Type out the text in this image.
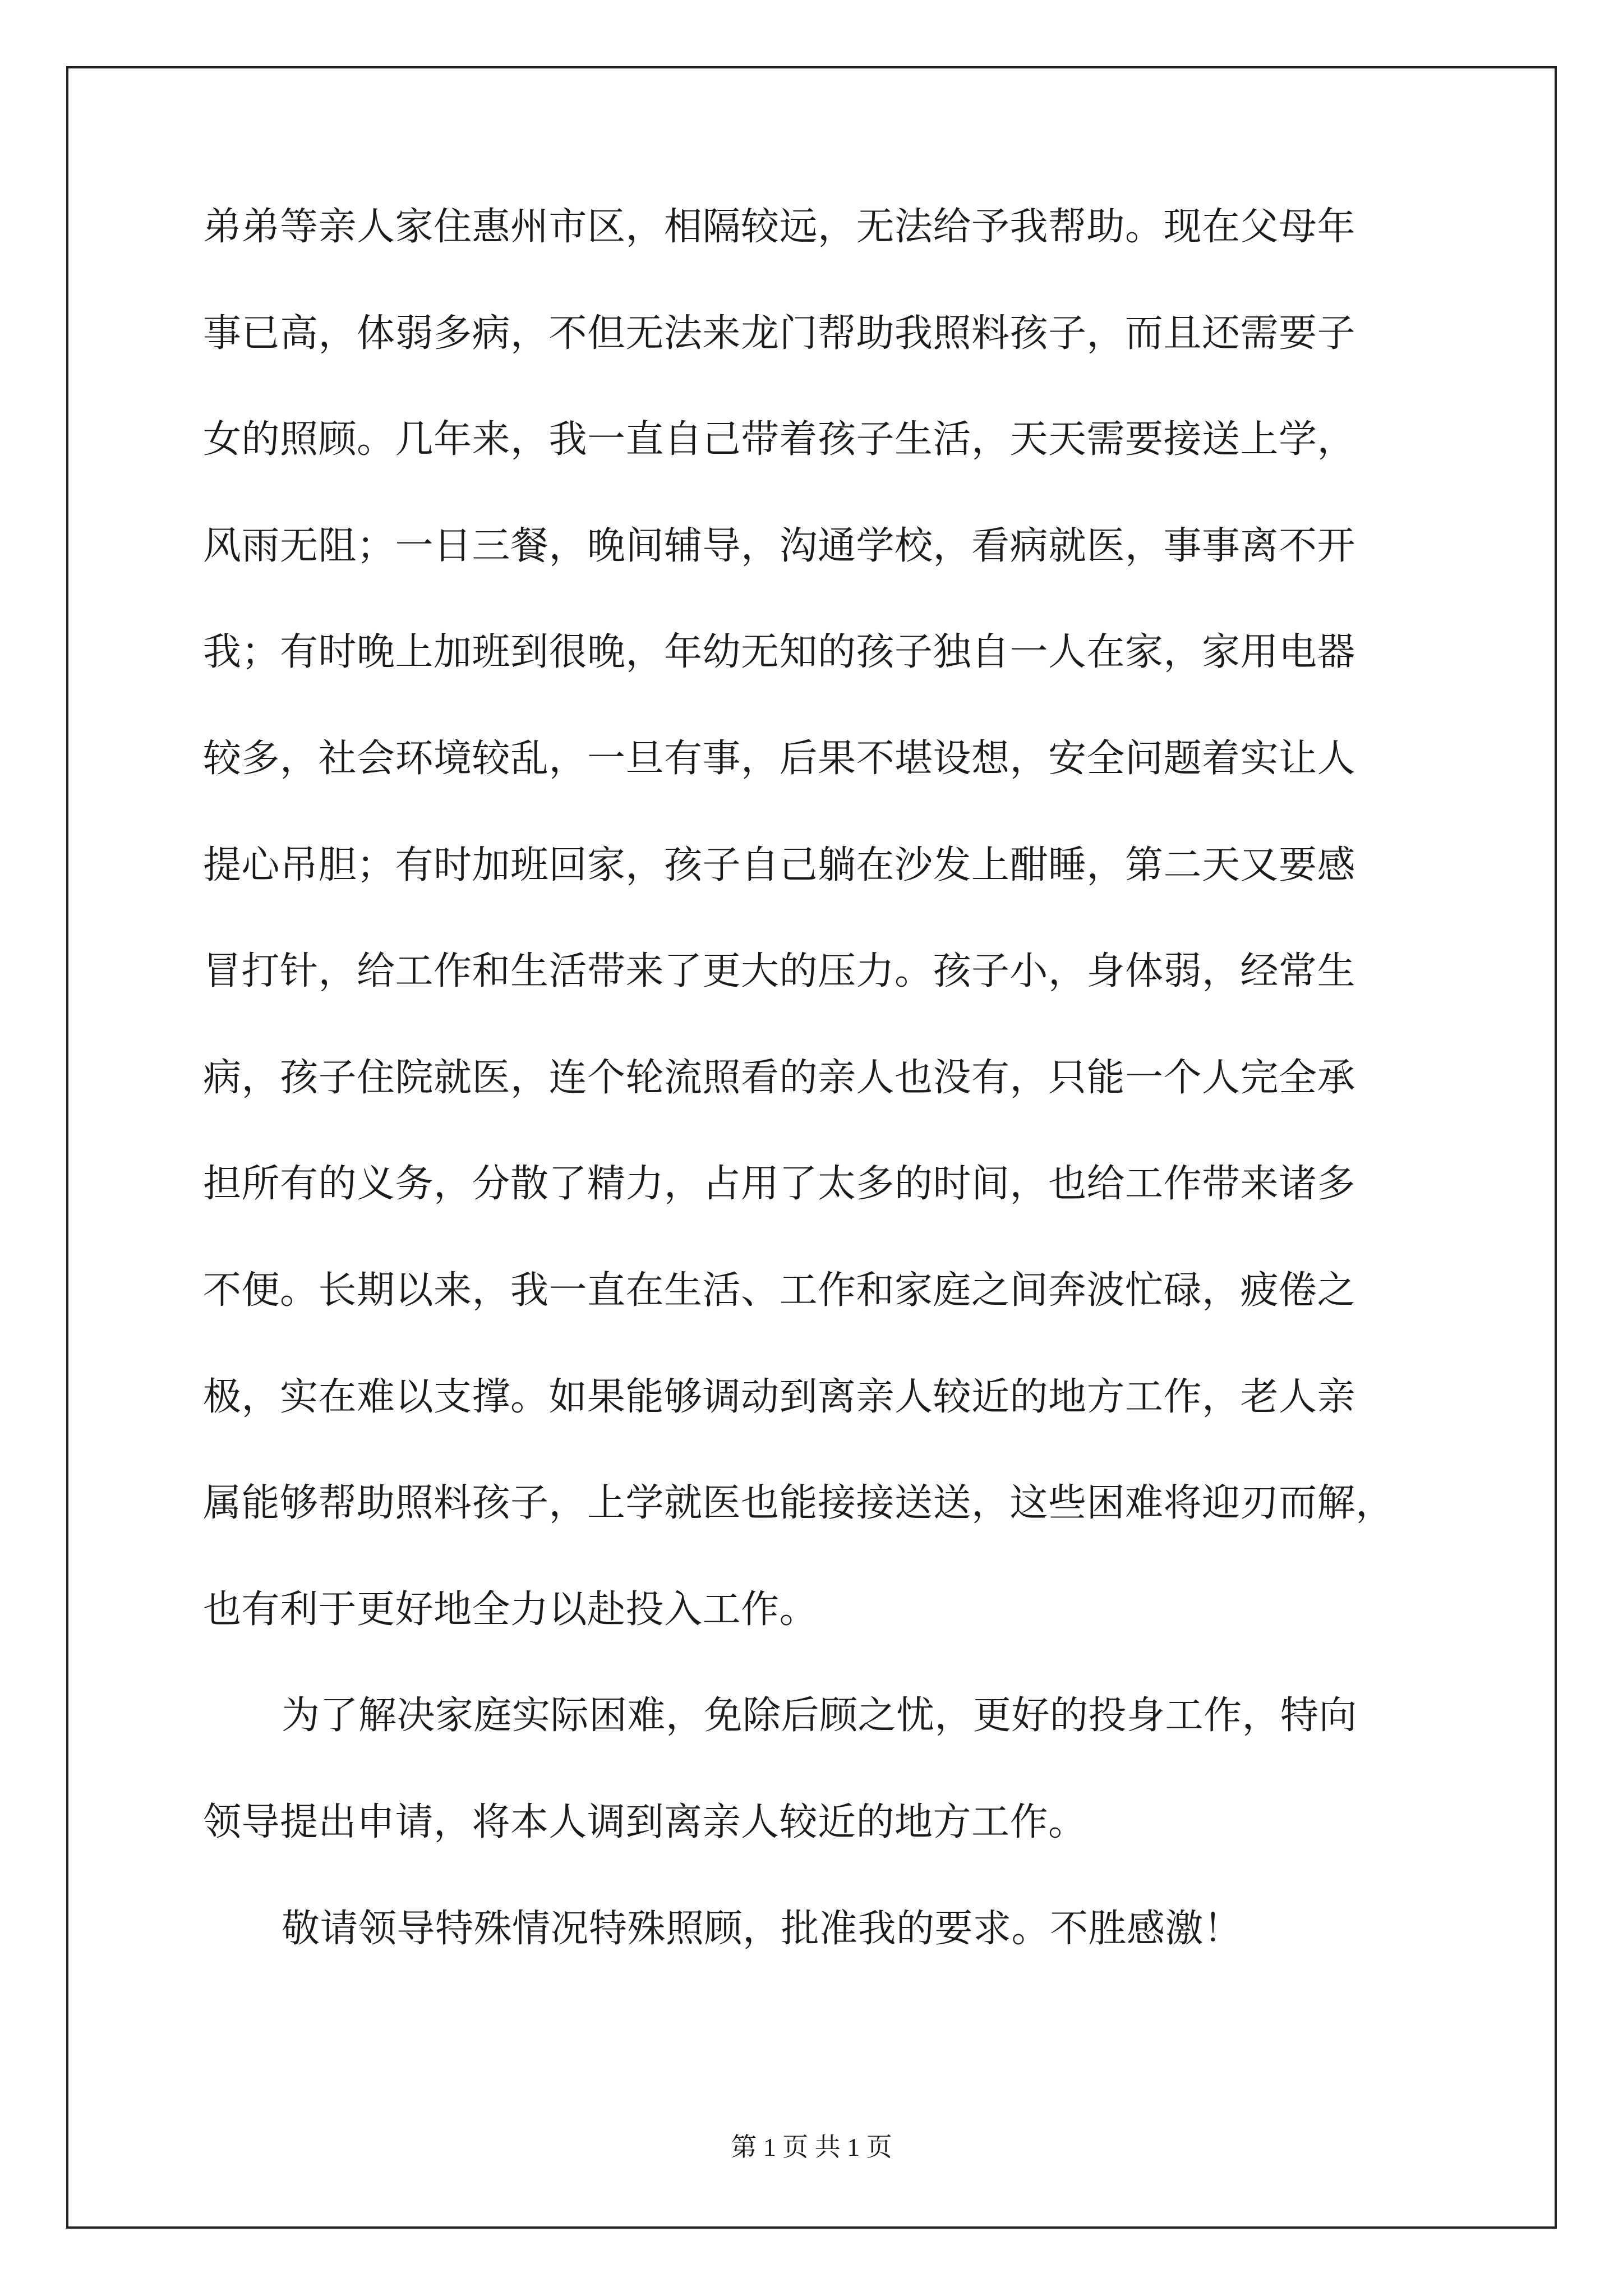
弟弟等亲人家住惠州市区，相隔较远，无法给予我帮助。现在父母年
事已高，体弱多病，不但无法来龙门帮助我照料孩子，而且还需要子
女的照顾。几年来，我一直自己带着孩子生活，天天需要接送上学，
风雨无阻；一日三餐，晚间辅导，沟通学校，看病就医，事事离不开
我；有时晚上加班到很晚，年幼无知的孩子独自一人在家，家用电器
较多，社会环境较乱，一旦有事，后果不堪设想，安全问题着实让人
提心吊胆；有时加班回家，孩子自己躺在沙发上酣睡，第二天又要感
冒打针，给工作和生活带来了更大的压力。孩子小，身体弱，经常生
病，孩子住院就医，连个轮流照看的亲人也没有，只能一个人完全承
担所有的义务，分散了精力，占用了太多的时间，也给工作带来诸多
不便。长期以来，我一直在生活、工作和家庭之间奔波忙碌，疲倦之
极，实在难以支撑。如果能够调动到离亲人较近的地方工作，老人亲
属能够帮助照料孩子，上学就医也能接接送送，这些困难将迎刃而解，
也有利于更好地全力以赴投入工作。
为了解决家庭实际困难，免除后顾之忧，更好的投身工作，特向
领导提出申请，将本人调到离亲人较近的地方工作。
敬请领导特殊情况特殊照顾，批准我的要求。不胜感激！
第 1 页 共 1 页
